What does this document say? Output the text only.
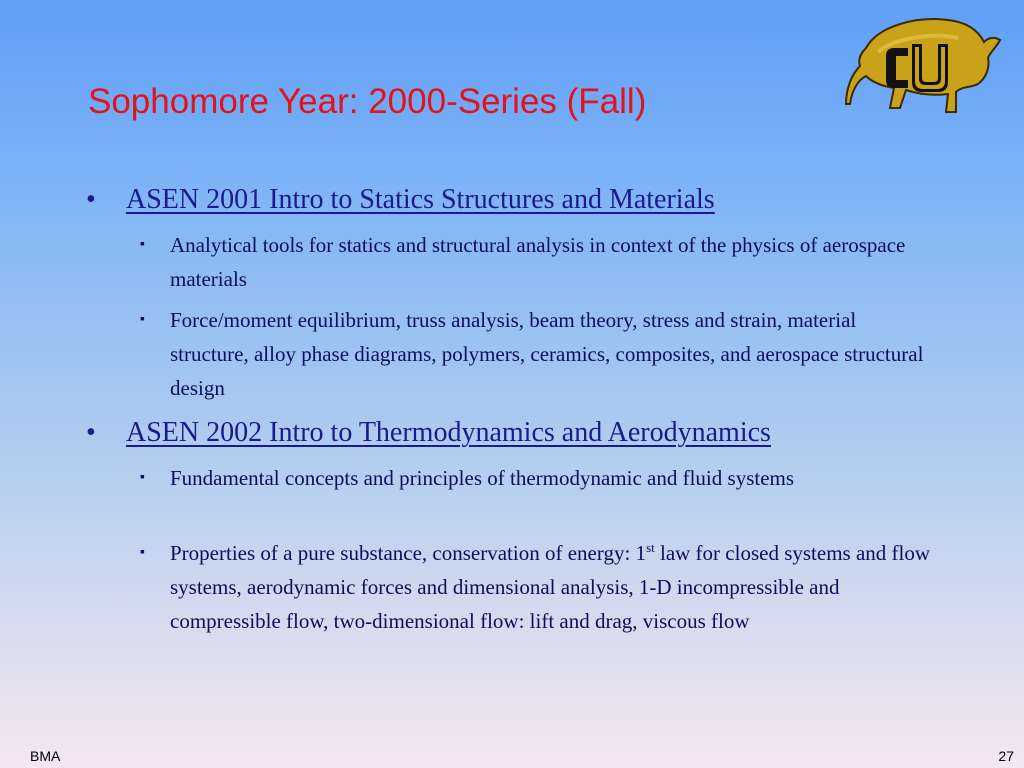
Sophomore Year: 2000-Series (Fall)
• ASEN 2001 Intro to Statics Structures and Materials
▪ Analytical tools for statics and structural analysis in context of the physics of aerospace materials
▪ Force/moment equilibrium, truss analysis, beam theory, stress and strain, material structure, alloy phase diagrams, polymers, ceramics, composites, and aerospace structural design
• ASEN 2002 Intro to Thermodynamics and Aerodynamics
▪ Fundamental concepts and principles of thermodynamic and fluid systems
▪ Properties of a pure substance, conservation of energy: 1st law for closed systems and flow systems, aerodynamic forces and dimensional analysis, 1-D incompressible and compressible flow, two-dimensional flow: lift and drag, viscous flow
BMA	27
